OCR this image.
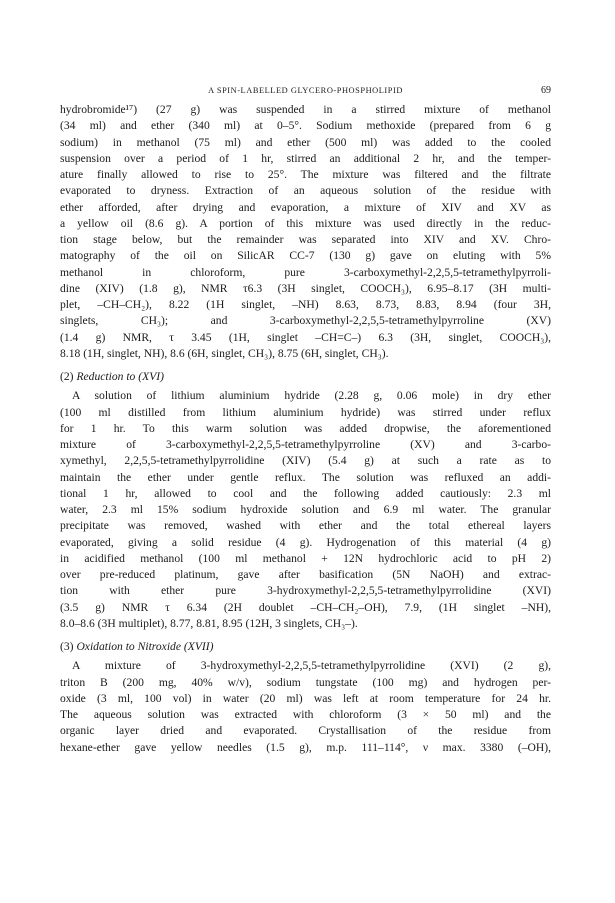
A SPIN-LABELLED GLYCERO-PHOSPHOLIPID	69
hydrobromide¹⁷) (27 g) was suspended in a stirred mixture of methanol
(34 ml) and ether (340 ml) at 0–5°. Sodium methoxide (prepared from 6 g
sodium) in methanol (75 ml) and ether (500 ml) was added to the cooled
suspension over a period of 1 hr, stirred an additional 2 hr, and the temper-
ature finally allowed to rise to 25°. The mixture was filtered and the filtrate
evaporated to dryness. Extraction of an aqueous solution of the residue with
ether afforded, after drying and evaporation, a mixture of XIV and XV as
a yellow oil (8.6 g). A portion of this mixture was used directly in the reduc-
tion stage below, but the remainder was separated into XIV and XV. Chro-
matography of the oil on SilicAR CC-7 (130 g) gave on eluting with 5%
methanol in chloroform, pure 3-carboxymethyl-2,2,5,5-tetramethylpyrroli-
dine (XIV) (1.8 g), NMR τ6.3 (3H singlet, COOCH₃), 6.95–8.17 (3H multi-
plet, –CH–CH₂), 8.22 (1H singlet, –NH) 8.63, 8.73, 8.83, 8.94 (four 3H,
singlets, CH₃); and 3-carboxymethyl-2,2,5,5-tetramethylpyrroline (XV)
(1.4 g) NMR, τ 3.45 (1H, singlet –CH=C–) 6.3 (3H, singlet, COOCH₃),
8.18 (1H, singlet, NH), 8.6 (6H, singlet, CH₃), 8.75 (6H, singlet, CH₃).
(2) Reduction to (XVI)
A solution of lithium aluminium hydride (2.28 g, 0.06 mole) in dry ether
(100 ml distilled from lithium aluminium hydride) was stirred under reflux
for 1 hr. To this warm solution was added dropwise, the aforementioned
mixture of 3-carboxymethyl-2,2,5,5-tetramethylpyrroline (XV) and 3-carbo-
xymethyl, 2,2,5,5-tetramethylpyrrolidine (XIV) (5.4 g) at such a rate as to
maintain the ether under gentle reflux. The solution was refluxed an addi-
tional 1 hr, allowed to cool and the following added cautiously: 2.3 ml
water, 2.3 ml 15% sodium hydroxide solution and 6.9 ml water. The granular
precipitate was removed, washed with ether and the total ethereal layers
evaporated, giving a solid residue (4 g). Hydrogenation of this material (4 g)
in acidified methanol (100 ml methanol + 12N hydrochloric acid to pH 2)
over pre-reduced platinum, gave after basification (5N NaOH) and extrac-
tion with ether pure 3-hydroxymethyl-2,2,5,5-tetramethylpyrrolidine (XVI)
(3.5 g) NMR τ 6.34 (2H doublet –CH–CH₂–OH), 7.9, (1H singlet –NH),
8.0–8.6 (3H multiplet), 8.77, 8.81, 8.95 (12H, 3 singlets, CH₃–).
(3) Oxidation to Nitroxide (XVII)
A mixture of 3-hydroxymethyl-2,2,5,5-tetramethylpyrrolidine (XVI) (2 g),
triton B (200 mg, 40% w/v), sodium tungstate (100 mg) and hydrogen per-
oxide (3 ml, 100 vol) in water (20 ml) was left at room temperature for 24 hr.
The aqueous solution was extracted with chloroform (3 × 50 ml) and the
organic layer dried and evaporated. Crystallisation of the residue from
hexane-ether gave yellow needles (1.5 g), m.p. 111–114°, ν max. 3380 (–OH),
